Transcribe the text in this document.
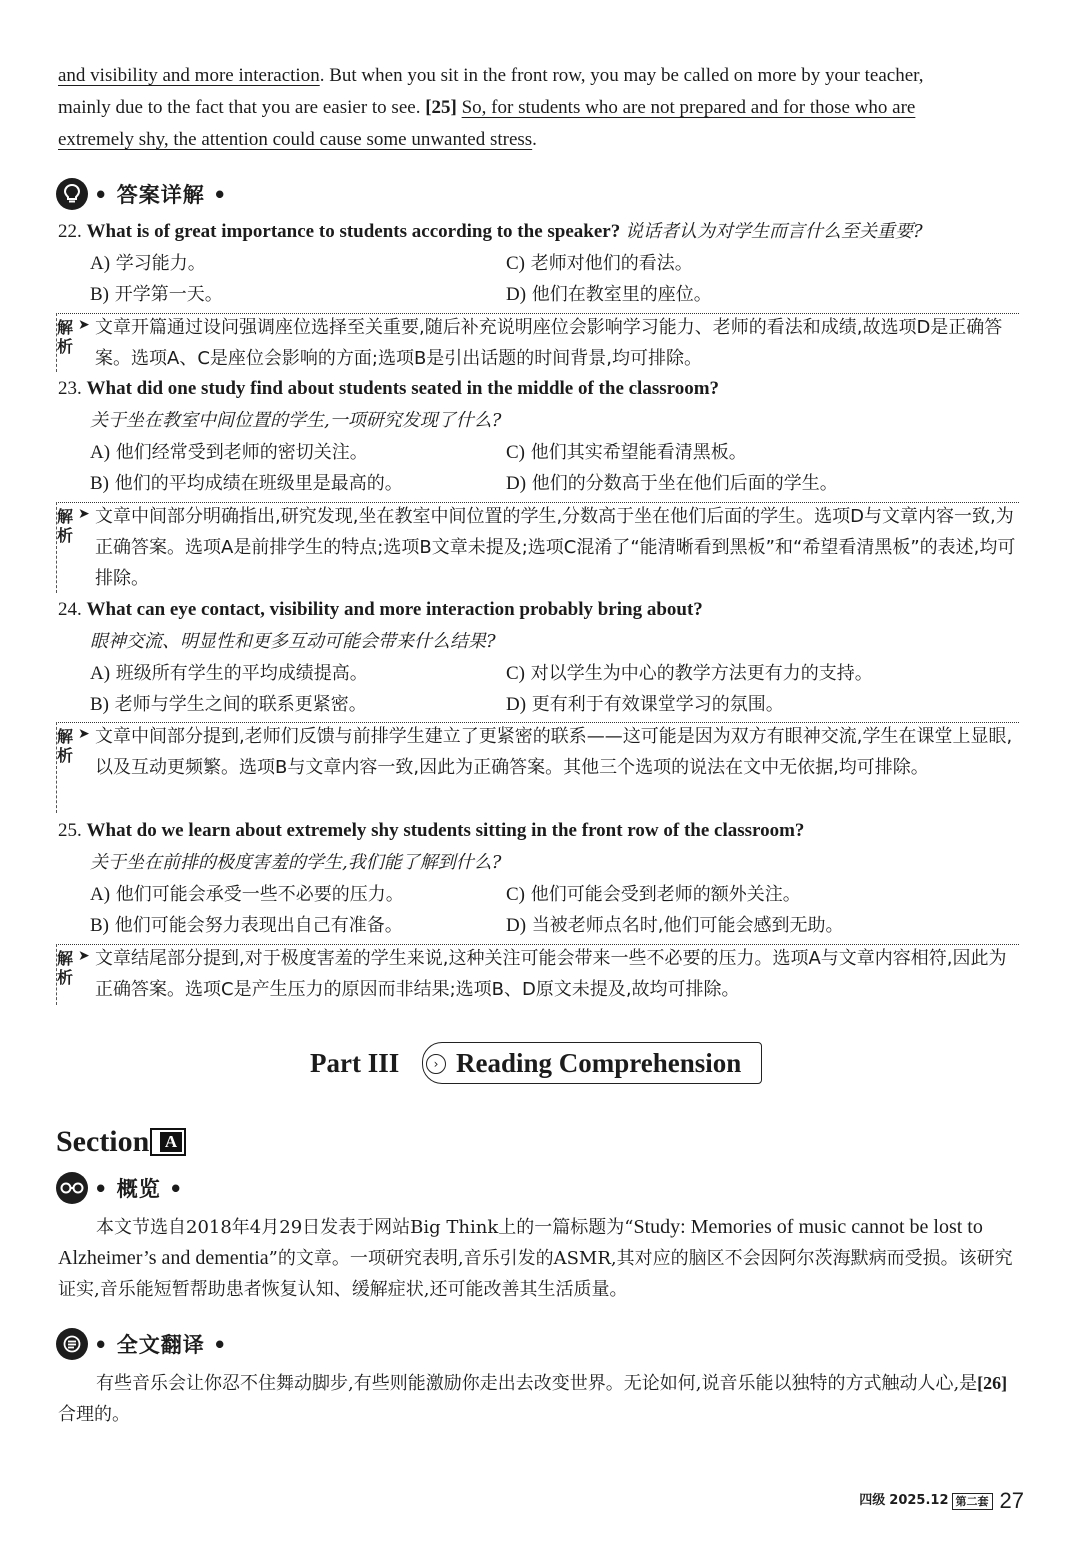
and visibility and more interaction. But when you sit in the front row, you may be called on more by your teacher,
mainly due to the fact that you are easier to see. [25] So, for students who are not prepared and for those who are
extremely shy, the attention could cause some unwanted stress.
• 答案详解 •
22. What is of great importance to students according to the speaker? 说话者认为对学生而言什么至关重要?
A) 学习能力。	C) 老师对他们的看法。
B) 开学第一天。	D) 他们在教室里的座位。
解析
➤ 文章开篇通过设问强调座位选择至关重要,随后补充说明座位会影响学习能力、老师的看法和成绩,故选项D是正确答案。选项A、C是座位会影响的方面;选项B是引出话题的时间背景,均可排除。
23. What did one study find about students seated in the middle of the classroom?
关于坐在教室中间位置的学生,一项研究发现了什么?
A) 他们经常受到老师的密切关注。	C) 他们其实希望能看清黑板。
B) 他们的平均成绩在班级里是最高的。	D) 他们的分数高于坐在他们后面的学生。
解析
➤ 文章中间部分明确指出,研究发现,坐在教室中间位置的学生,分数高于坐在他们后面的学生。选项D与文章内容一致,为正确答案。选项A是前排学生的特点;选项B文章未提及;选项C混淆了“能清晰看到黑板”和“希望看清黑板”的表述,均可排除。
24. What can eye contact, visibility and more interaction probably bring about?
眼神交流、明显性和更多互动可能会带来什么结果?
A) 班级所有学生的平均成绩提高。	C) 对以学生为中心的教学方法更有力的支持。
B) 老师与学生之间的联系更紧密。	D) 更有利于有效课堂学习的氛围。
解析
➤ 文章中间部分提到,老师们反馈与前排学生建立了更紧密的联系——这可能是因为双方有眼神交流,学生在课堂上显眼,以及互动更频繁。选项B与文章内容一致,因此为正确答案。其他三个选项的说法在文中无依据,均可排除。
25. What do we learn about extremely shy students sitting in the front row of the classroom?
关于坐在前排的极度害羞的学生,我们能了解到什么?
A) 他们可能会承受一些不必要的压力。	C) 他们可能会受到老师的额外关注。
B) 他们可能会努力表现出自己有准备。	D) 当被老师点名时,他们可能会感到无助。
解析
➤ 文章结尾部分提到,对于极度害羞的学生来说,这种关注可能会带来一些不必要的压力。选项A与文章内容相符,因此为正确答案。选项C是产生压力的原因而非结果;选项B、D原文未提及,故均可排除。
Part III	› Reading Comprehension
Section A
• 概览 •
本文节选自2018年4月29日发表于网站Big Think上的一篇标题为“Study: Memories of music cannot be lost to Alzheimer’s and dementia”的文章。一项研究表明,音乐引发的ASMR,其对应的脑区不会因阿尔茨海默病而受损。该研究证实,音乐能短暂帮助患者恢复认知、缓解症状,还可能改善其生活质量。
• 全文翻译 •
有些音乐会让你忍不住舞动脚步,有些则能激励你走出去改变世界。无论如何,说音乐能以独特的方式触动人心,是[26]合理的。
四级 2025.12 第二套 27
